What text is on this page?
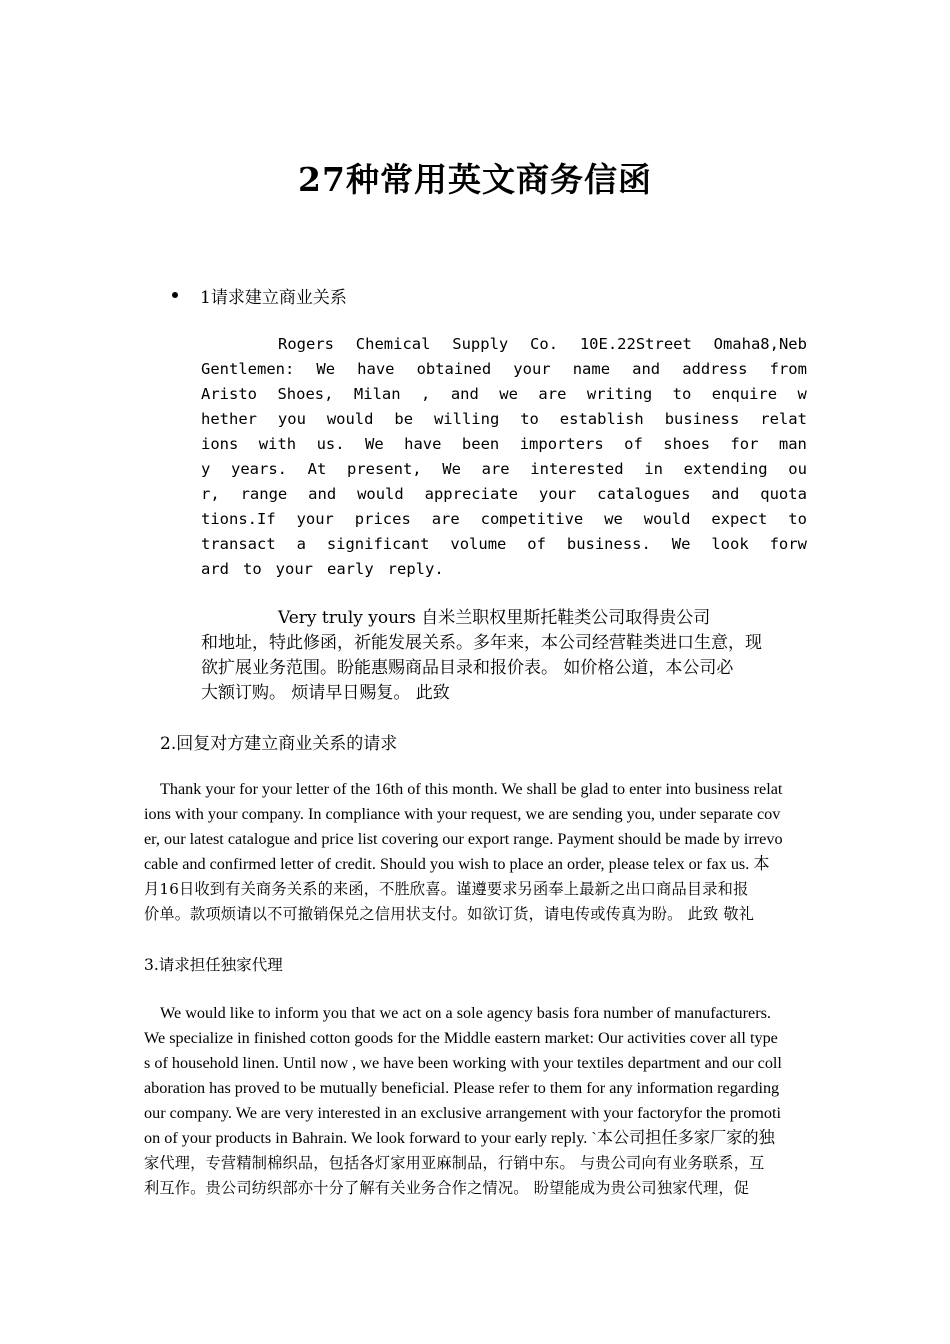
27种常用英文商务信函
1请求建立商业关系
Rogers Chemical Supply Co. 10E.22Street Omaha8,Neb
Gentlemen: We have obtained your name and address from
Aristo Shoes, Milan , and we are writing to enquire w
hether you would be willing to establish business relat
ions with us. We have been importers of shoes for man
y years. At present, We are interested in extending ou
r, range and would appreciate your catalogues and quota
tions.If your prices are competitive we would expect to
transact a significant volume of business. We look forw
ard to your early reply.
Very truly yours 自米兰职权里斯托鞋类公司取得贵公司
和地址，特此修函，祈能发展关系。多年来，本公司经营鞋类进口生意，现
欲扩展业务范围。盼能惠赐商品目录和报价表。 如价格公道，本公司必
大额订购。 烦请早日赐复。 此致
2.回复对方建立商业关系的请求
Thank your for your letter of the 16th of this month. We shall be glad to enter into business relat
ions with your company. In compliance with your request, we are sending you, under separate cov
er, our latest catalogue and price list covering our export range. Payment should be made by irrevo
cable and confirmed letter of credit. Should you wish to place an order, please telex or fax us. 本
月16日收到有关商务关系的来函，不胜欣喜。谨遵要求另函奉上最新之出口商品目录和报
价单。款项烦请以不可撤销保兑之信用状支付。如欲订货，请电传或传真为盼。 此致 敬礼
3.请求担任独家代理
We would like to inform you that we act on a sole agency basis fora number of manufacturers.
We specialize in finished cotton goods for the Middle eastern market: Our activities cover all type
s of household linen. Until now , we have been working with your textiles department and our coll
aboration has proved to be mutually beneficial. Please refer to them for any information regarding
our company. We are very interested in an exclusive arrangement with your factoryfor the promoti
on of your products in Bahrain. We look forward to your early reply. `本公司担任多家厂家的独
家代理，专营精制棉织品，包括各灯家用亚麻制品，行销中东。 与贵公司向有业务联系，互
利互作。贵公司纺织部亦十分了解有关业务合作之情况。 盼望能成为贵公司独家代理，促
